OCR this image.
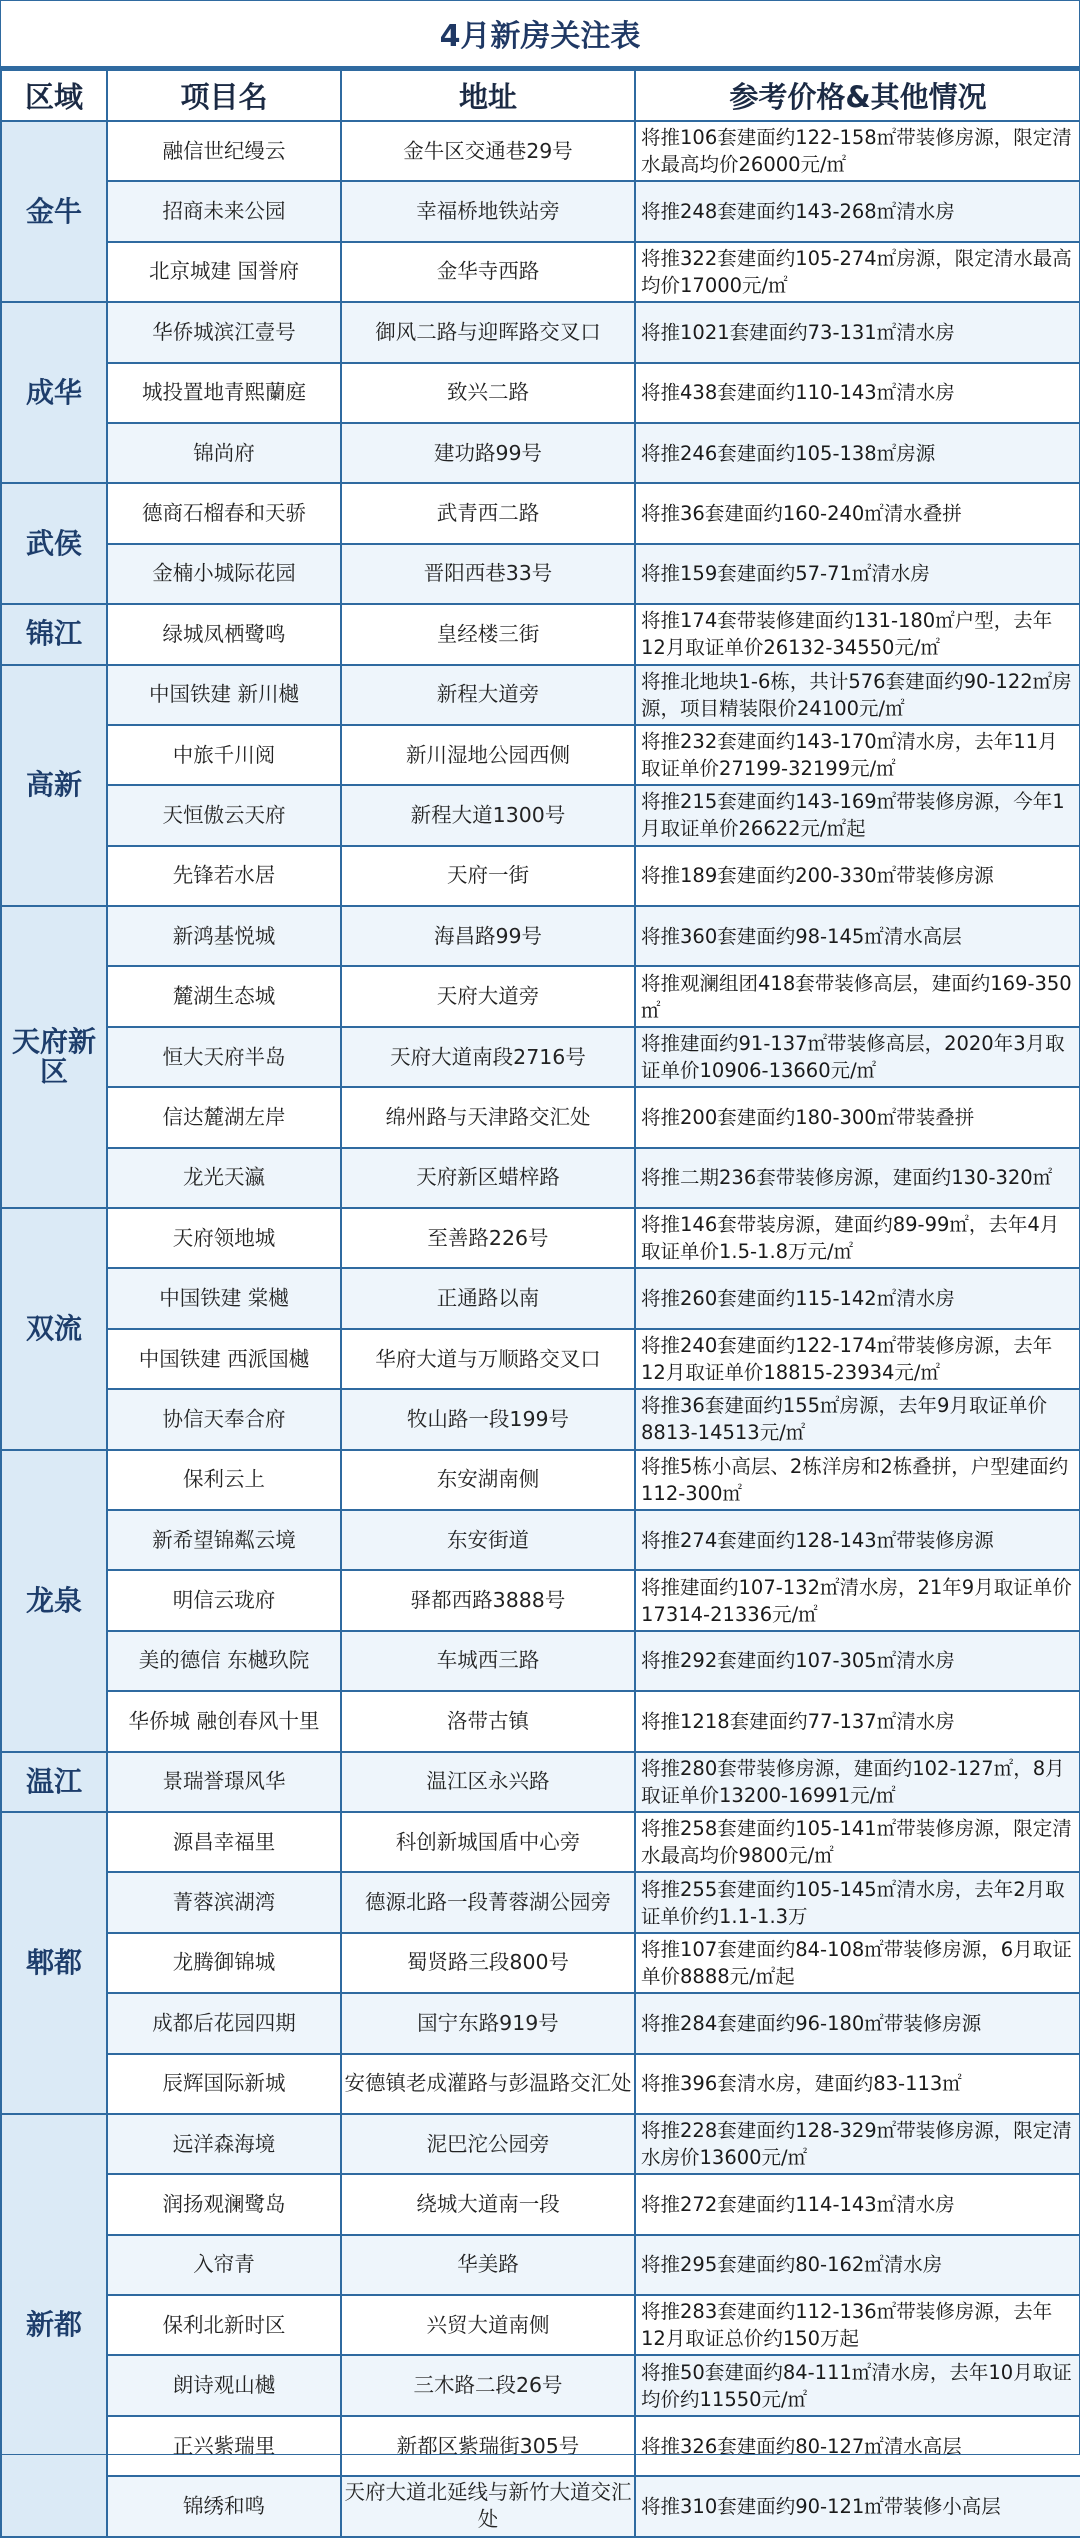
4月新房关注表
区域	项目名	地址	参考价格&其他情况
金牛	融信世纪缦云	金牛区交通巷29号	将推106套建面约122-158㎡带装修房源，限定清水最高均价26000元/㎡
	招商未来公园	幸福桥地铁站旁	将推248套建面约143-268㎡清水房
	北京城建 国誉府	金华寺西路	将推322套建面约105-274㎡房源，限定清水最高均价17000元/㎡
成华	华侨城滨江壹号	御风二路与迎晖路交叉口	将推1021套建面约73-131㎡清水房
	城投置地青熙蘭庭	致兴二路	将推438套建面约110-143㎡清水房
	锦尚府	建功路99号	将推246套建面约105-138㎡房源
武侯	德商石榴春和天骄	武青西二路	将推36套建面约160-240㎡清水叠拼
	金楠小城际花园	晋阳西巷33号	将推159套建面约57-71㎡清水房
锦江	绿城凤栖鹭鸣	皇经楼三街	将推174套带装修建面约131-180㎡户型，去年12月取证单价26132-34550元/㎡
高新	中国铁建 新川樾	新程大道旁	将推北地块1-6栋，共计576套建面约90-122㎡房源，项目精装限价24100元/㎡
	中旅千川阅	新川湿地公园西侧	将推232套建面约143-170㎡清水房，去年11月取证单价27199-32199元/㎡
	天恒傲云天府	新程大道1300号	将推215套建面约143-169㎡带装修房源，今年1月取证单价26622元/㎡起
	先锋若水居	天府一街	将推189套建面约200-330㎡带装修房源
天府新区	新鸿基悦城	海昌路99号	将推360套建面约98-145㎡清水高层
	麓湖生态城	天府大道旁	将推观澜组团418套带装修高层，建面约169-350㎡
	恒大天府半岛	天府大道南段2716号	将推建面约91-137㎡带装修高层，2020年3月取证单价10906-13660元/㎡
	信达麓湖左岸	绵州路与天津路交汇处	将推200套建面约180-300㎡带装叠拼
	龙光天瀛	天府新区蜡梓路	将推二期236套带装修房源，建面约130-320㎡
双流	天府领地城	至善路226号	将推146套带装房源，建面约89-99㎡，去年4月取证单价1.5-1.8万元/㎡
	中国铁建 棠樾	正通路以南	将推260套建面约115-142㎡清水房
	中国铁建 西派国樾	华府大道与万顺路交叉口	将推240套建面约122-174㎡带装修房源，去年12月取证单价18815-23934元/㎡
	协信天奉合府	牧山路一段199号	将推36套建面约155㎡房源，去年9月取证单价8813-14513元/㎡
龙泉	保利云上	东安湖南侧	将推5栋小高层、2栋洋房和2栋叠拼，户型建面约112-300㎡
	新希望锦粼云境	东安街道	将推274套建面约128-143㎡带装修房源
	明信云珑府	驿都西路3888号	将推建面约107-132㎡清水房，21年9月取证单价17314-21336元/㎡
	美的德信 东樾玖院	车城西三路	将推292套建面约107-305㎡清水房
	华侨城 融创春风十里	洛带古镇	将推1218套建面约77-137㎡清水房
温江	景瑞誉璟风华	温江区永兴路	将推280套带装修房源，建面约102-127㎡，8月取证单价13200-16991元/㎡
郫都	源昌幸福里	科创新城国盾中心旁	将推258套建面约105-141㎡带装修房源，限定清水最高均价9800元/㎡
	菁蓉滨湖湾	德源北路一段菁蓉湖公园旁	将推255套建面约105-145㎡清水房，去年2月取证单价约1.1-1.3万
	龙腾御锦城	蜀贤路三段800号	将推107套建面约84-108㎡带装修房源，6月取证单价8888元/㎡起
	成都后花园四期	国宁东路919号	将推284套建面约96-180㎡带装修房源
	辰辉国际新城	安德镇老成灌路与彭温路交汇处	将推396套清水房，建面约83-113㎡
新都	远洋森海境	泥巴沱公园旁	将推228套建面约128-329㎡带装修房源，限定清水房价13600元/㎡
	润扬观澜鹭岛	绕城大道南一段	将推272套建面约114-143㎡清水房
	入帘青	华美路	将推295套建面约80-162㎡清水房
	保利北新时区	兴贸大道南侧	将推283套建面约112-136㎡带装修房源，去年12月取证总价约150万起
	朗诗观山樾	三木路二段26号	将推50套建面约84-111㎡清水房，去年10月取证均价约11550元/㎡
	正兴紫瑞里	新都区紫瑞街305号	将推326套建面约80-127㎡清水高层
	锦绣和鸣	天府大道北延线与新竹大道交汇处	将推310套建面约90-121㎡带装修小高层
